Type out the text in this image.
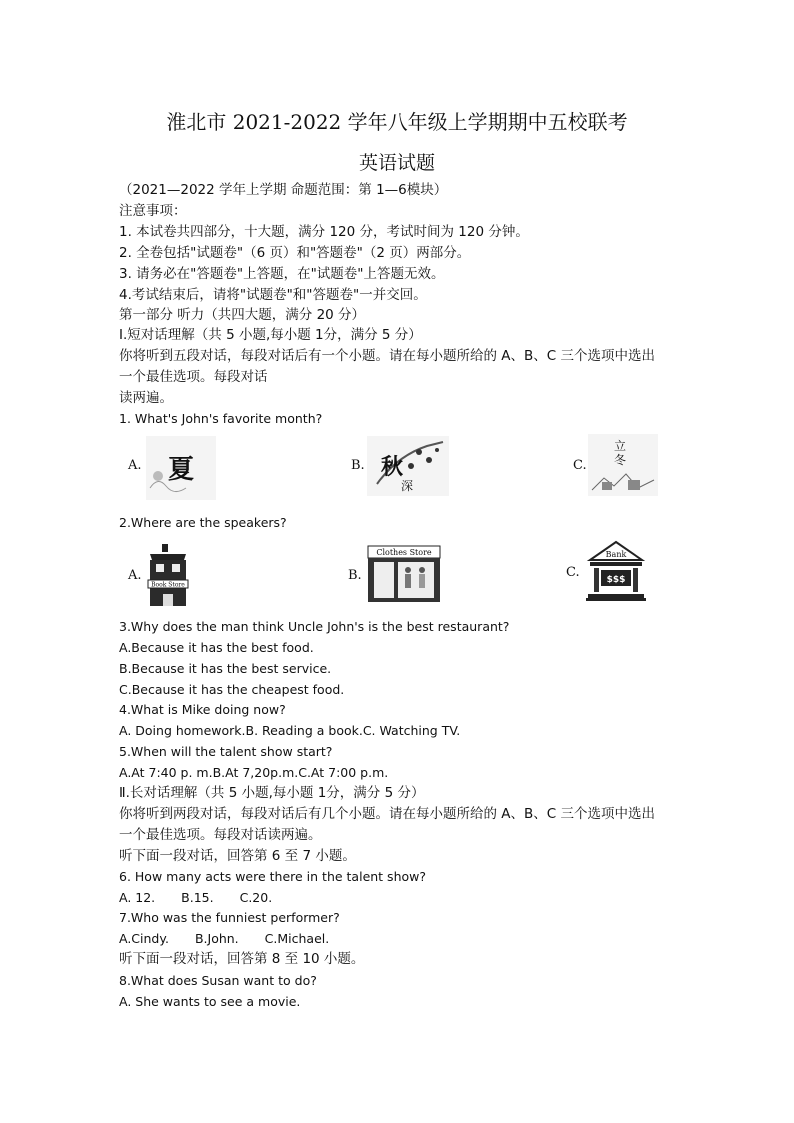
淮北市 2021-2022 学年八年级上学期期中五校联考
英语试题
（2021—2022 学年上学期 命题范围：第 1—6模块）
注意事项：
1. 本试卷共四部分，十大题，满分 120 分，考试时间为 120 分钟。
2. 全卷包括"试题卷"（6 页）和"答题卷"（2 页）两部分。
3. 请务必在"答题卷"上答题，在"试题卷"上答题无效。
4.考试结束后，请将"试题卷"和"答题卷"一并交回。
第一部分 听力（共四大题，满分 20 分）
Ⅰ.短对话理解（共 5 小题,每小题 1分，满分 5 分）
你将听到五段对话，每段对话后有一个小题。请在每小题所给的 A、B、C 三个选项中选出
一个最佳选项。每段对话
读两遍。
1. What's John's favorite month?
A. 夏	B. 秋
深
C.
立
冬
2.Where are the speakers?
A.
Book Store
B.
Clothes Store
C.
Bank
$$$
3.Why does the man think Uncle John's is the best restaurant?
A.Because it has the best food.
B.Because it has the best service.
C.Because it has the cheapest food.
4.What is Mike doing now?
A. Doing homework.B. Reading a book.C. Watching TV.
5.When will the talent show start?
A.At 7:40 p. m.B.At 7,20p.m.C.At 7:00 p.m.
Ⅱ.长对话理解（共 5 小题,每小题 1分，满分 5 分）
你将听到两段对话，每段对话后有几个小题。请在每小题所给的 A、B、C 三个选项中选出
一个最佳选项。每段对话读两遍。
听下面一段对话，回答第 6 至 7 小题。
6. How many acts were there in the talent show?
A. 12. B.15. C.20.
7.Who was the funniest performer?
A.Cindy. B.John. C.Michael.
听下面一段对话，回答第 8 至 10 小题。
8.What does Susan want to do?
A. She wants to see a movie.
